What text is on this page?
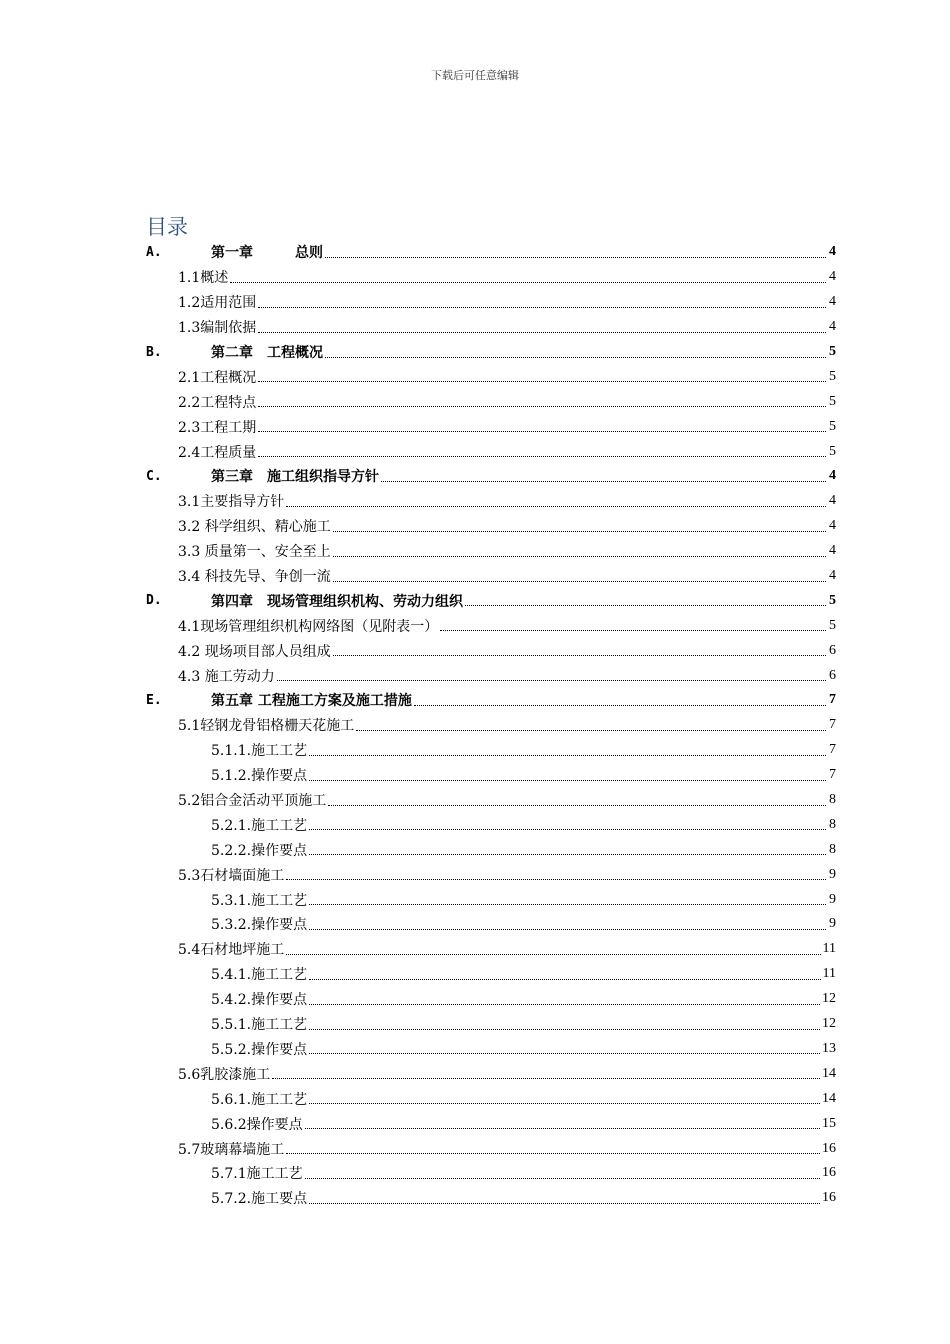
下载后可任意编辑
目录
A.	第一章	总则	4
1.1概述	4
1.2适用范围	4
1.3编制依据	4
B.	第二章　工程概况	5
2.1工程概况	5
2.2工程特点	5
2.3工程工期	5
2.4工程质量	5
C.	第三章　施工组织指导方针	4
3.1主要指导方针	4
3.2 科学组织、精心施工	4
3.3 质量第一、安全至上	4
3.4 科技先导、争创一流	4
D.	第四章　现场管理组织机构、劳动力组织	5
4.1现场管理组织机构网络图（见附表一）	5
4.2 现场项目部人员组成	6
4.3 施工劳动力	6
E.	第五章 工程施工方案及施工措施	7
5.1轻钢龙骨铝格栅天花施工	7
5.1.1.施工工艺	7
5.1.2.操作要点	7
5.2铝合金活动平顶施工	8
5.2.1.施工工艺	8
5.2.2.操作要点	8
5.3石材墙面施工	9
5.3.1.施工工艺	9
5.3.2.操作要点	9
5.4石材地坪施工	11
5.4.1.施工工艺	11
5.4.2.操作要点	12
5.5.1.施工工艺	12
5.5.2.操作要点	13
5.6乳胶漆施工	14
5.6.1.施工工艺	14
5.6.2操作要点	15
5.7玻璃幕墙施工	16
5.7.1施工工艺	16
5.7.2.施工要点	16
